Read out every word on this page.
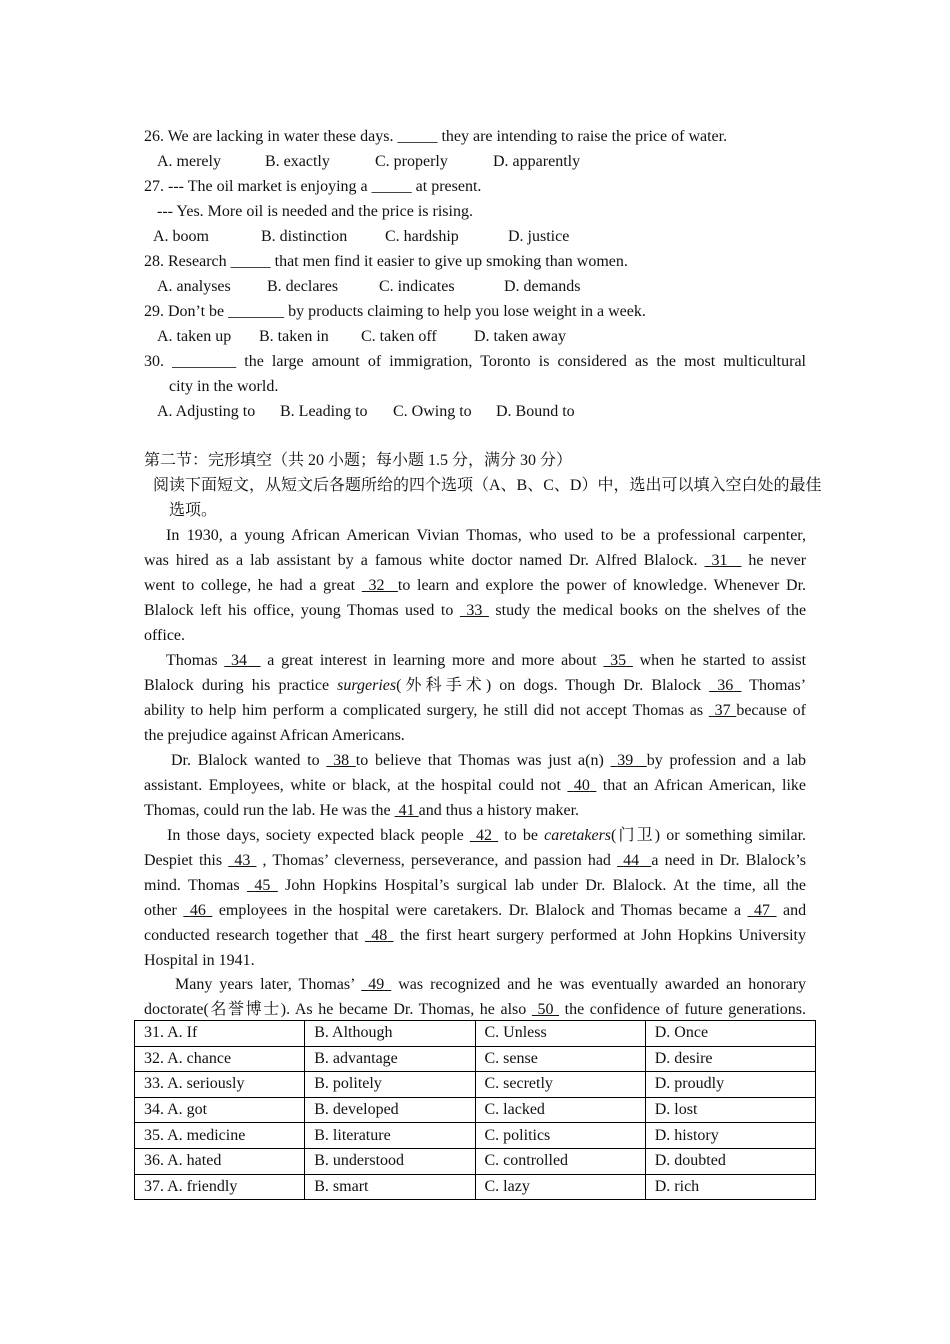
26. We are lacking in water these days. _____ they are intending to raise the price of water.
A. merely	B. exactly	C. properly	D. apparently
27. --- The oil market is enjoying a _____ at present.
--- Yes. More oil is needed and the price is rising.
A. boom	B. distinction C. hardship	D. justice
28. Research _____ that men find it easier to give up smoking than women.
A. analyses B. declares	C. indicates	D. demands
29. Don’t be _______ by products claiming to help you lose weight in a week.
A. taken up B. taken in C. taken off D. taken away
30. ________ the large amount of immigration, Toronto is considered as the most multicultural
city in the world.
A. Adjusting to B. Leading to C. Owing to D. Bound to
第二节：完形填空（共 20 小题；每小题 1.5 分，满分 30 分）
阅读下面短文，从短文后各题所给的四个选项（A、B、C、D）中，选出可以填入空白处的最佳
选项。
In 1930, a young African American Vivian Thomas, who used to be a professional carpenter,
was hired as a lab assistant by a famous white doctor named Dr. Alfred Blalock. 31 he never
went to college, he had a great 32 to learn and explore the power of knowledge. Whenever Dr.
Blalock left his office, young Thomas used to 33 study the medical books on the shelves of the
office.
Thomas 34 a great interest in learning more and more about 35 when he started to assist
Blalock during his practice surgeries(外科手术) on dogs. Though Dr. Blalock 36 Thomas’
ability to help him perform a complicated surgery, he still did not accept Thomas as 37 because of
the prejudice against African Americans.
Dr. Blalock wanted to 38 to believe that Thomas was just a(n) 39 by profession and a lab
assistant. Employees, white or black, at the hospital could not 40 that an African American, like
Thomas, could run the lab. He was the 41 and thus a history maker.
In those days, society expected black people 42 to be caretakers(门卫) or something similar.
Despiet this 43 , Thomas’ cleverness, perseverance, and passion had 44 a need in Dr. Blalock’s
mind. Thomas 45 John Hopkins Hospital’s surgical lab under Dr. Blalock. At the time, all the
other 46 employees in the hospital were caretakers. Dr. Blalock and Thomas became a 47 and
conducted research together that 48 the first heart surgery performed at John Hopkins University
Hospital in 1941.
Many years later, Thomas’ 49 was recognized and he was eventually awarded an honorary
doctorate(名誉博士). As he became Dr. Thomas, he also 50 the confidence of future generations.
31. A. If	B. Although	C. Unless	D. Once
32. A. chance	B. advantage	C. sense	D. desire
33. A. seriously	B. politely	C. secretly	D. proudly
34. A. got	B. developed	C. lacked	D. lost
35. A. medicine	B. literature	C. politics	D. history
36. A. hated	B. understood	C. controlled	D. doubted
37. A. friendly	B. smart	C. lazy	D. rich
